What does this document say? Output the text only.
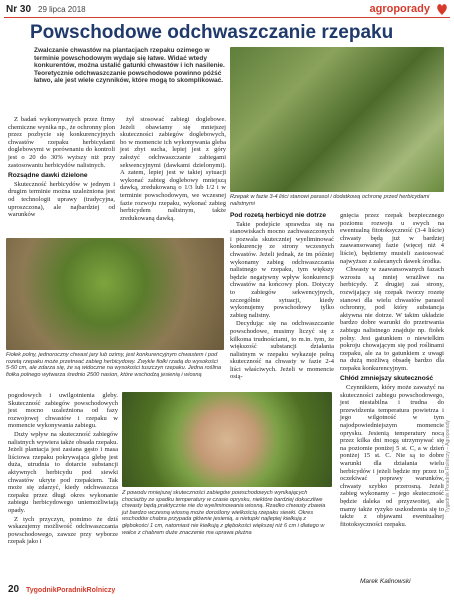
Nr 30 29 lipca 2018	agroporady
Powschodowe odchwaszczanie rzepaku
Zwalczanie chwastów na plantacjach rzepaku ozimego w terminie powschodowym wydaje się łatwe. Widać wtedy konkurentów, można ustalić gatunki chwastów i ich nasilenie. Teoretycznie odchwaszczanie powschodowe powinno póżść łatwo, ale jest wiele czynników, które mogą to skomplikować.
Rzepak w fazie 3-4 liści stanowi parasol i dodatkową ochronę przed herbicydami nalistnymi

Z badań wykonywanych przez firmy chemiczne wynika np., że ochronny plon przez pozbycie się konkurencyjnych chwastów rzepaku herbicydami doglebowymi w porównaniu do kontroli jest o 20 do 30% wyższy niż przy zastosowaniu herbicydów nalistnych.

Rozsądne dawki dzielone

Skuteczność herbicydów w jednym i drugim terminie można uzależniona jest od technologii uprawy (tradycyjna, uproszczona), ale najbardziej od warunków

żył stosować zabiegi doglebowe. Jeżeli obawiamy się mniejszej skuteczności zabiegów doglebowych, bo w momencie ich wykonywania gleba jest zbyt sucha, lepiej jest z góry założyć odchwaszczanie zabiegami sekwencyjnymi (dawkami dzielonymi). A zatem, lepiej jest w takiej sytuacji wykonać zabieg doglebowy mniejszą dawką, zredukowaną o 1/3 lub 1/2 i w terminie powschodowym, we wczesnej fazie rozwoju rzepaku, wykonać zabieg herbicydem nalistnym, także zredukowaną dawką.

Fiołek polny, jednoroczny chwast jary lub ozimy, jest konkurencyjnym chwastem i pod rozetą rzepaku może przetrwać zabieg herbicydowy. Zwykle fiołki rzadą do wysokości 5-50 cm, ale zdarza się, że są widoczne na wysokości tuszczyn rzepaku. Jedna roślina fiołka polnego wytwarza średnio 2500 nasion, które wschodzą jesienią i wiosną
Pod rozetą herbicyd nie dotrze

Takie podejście sprawdza się na stanowiskach mocno zachwaszczonych i pozwala skuteczniej wyeliminować konkurencję ze strony wczesnych chwastów. Jeżeli jednak, że im później wykonamy zabieg odchwaszczania nalistnego w rzepaku, tym większy będzie negatywny wpływ konkurencji chwastów na końcowy plon. Dotyczy to zabiegów sekwencyjnych, szczególnie sytuacji, kiedy wykonujemy powschodowy tylko zabieg nalistny.

Decydując się na odchwaszczanie powschodowe, musimy liczyć się z kilkoma trudnościami, to m.in. tym, że większość substancji działania nalistnym w rzepaku wykazuje pełną skuteczność na chwasty w fazie 2-4 liści właściwych. Jeżeli w momencie osią-

gnięcia przez rzepak bezpiecznego poziomu rozwoju u swych na ewentualną fitotoksyczność (3-4 liście) chwasty będą już w bardziej zaawansowanej fazie (więcej niż 4 liście), będziemy musieli zastosować najwyższe z zalecanych dawek środka.

Chwasty w zaawansowanych fazach wzrostu są mniej wrażliwe na herbicydy. Z drugiej zaś strony, rozwijający się rzepak tworzy rozetę stanowi dla wielu chwastów parasol ochronny, pod który substancja aktywna nie dotrze. W takim układzie bardzo dobre warunki do przetrwania zabiegu nalistnego znajduje np. fiołek polny. Jest gatunkiem o niewielkim pokroju chowającym się pod roślinami rzepaku, ale za to gatunkiem z uwagi na dużą możliwą obsadę bardzo dla rzepaku konkurencyjnym.

Chłód zmniejszy skuteczność

Czynnikiem, który może zaważyć na skuteczności zabiegu powschodowego, jest niestabilna i trudna do przewidzenia temperatura powietrza i jego wilgotność w tym najodpowiedniejszym momencie oprysku. Jesienią temperatury nocą przez kilka dni mogą utrzymywać się na poziomie poniżej 5 st. C, a w dzień poniżej 15 st. C. Nie są to dobre warunki dla działania wielu herbicydów i jeżeli będzie my przez to oczekiwać poprawy warunków, chwasty szybko przerosną. Jeżeli zabieg wykonamy – jego skuteczność będzie daleka od przyzwoitej, ale mamy także ryzyko uszkodzenia się to także z objawami ewentualnej fitotoksyczności rzepaku.

pogodowych i uwilgotnienia gleby. Skuteczność zabiegów powschodowych jest mocno uzależniona od fazy rozwojowej chwastów i rzepaku w momencie wykonywania zabiegu.

Duży wpływ na skuteczność zabiegów nalistnych wywiera także obsada rzepaku. Jeżeli plantacja jest zasiana gęsto i masa liściowa rzepaku pokrywająca glebę jest duża, utrudnia to dotarcie substancji aktywnych herbicydu pod siewki chwastów ukryte pod rzepakiem. Tak może się zdarzyć, kiedy odchwaszcza rzepaku przez długi okres wykonanie zabiegu herbicydowego uniemożliwiają opady.

Z tych przyczyn, pomimo że dziś wskazujemy możliwość odchwaszczania powschodowego, zawsze przy wyborze rzepak jako i

Z powodu mniejszej skuteczności zabiegów powschodowych wynikających chociażby ze spadku temperatury w czasie oprysku, niektóre bardziej dokuczliwe chwasty będą praktycznie nie do wyeliminowania wiosną. Rzadko chwasty zbawia jut bardzo wczesną wiosną może doroślony wielkością rzepaku siewki. Okres wschodów chabra przypada głównie jesienią, a nietupki najlepiej kiełkują z głębokości 1 cm, natomiast nie kiełkują z głębokości większej niż 6 cm i dlatego w walce z chabrem duże znaczenie ma uprawa płużna
Marek Kalinowski
20 TygodnikPoradnikRolniczy
Tygodnik Poradnik Rolniczy – Agroporady
